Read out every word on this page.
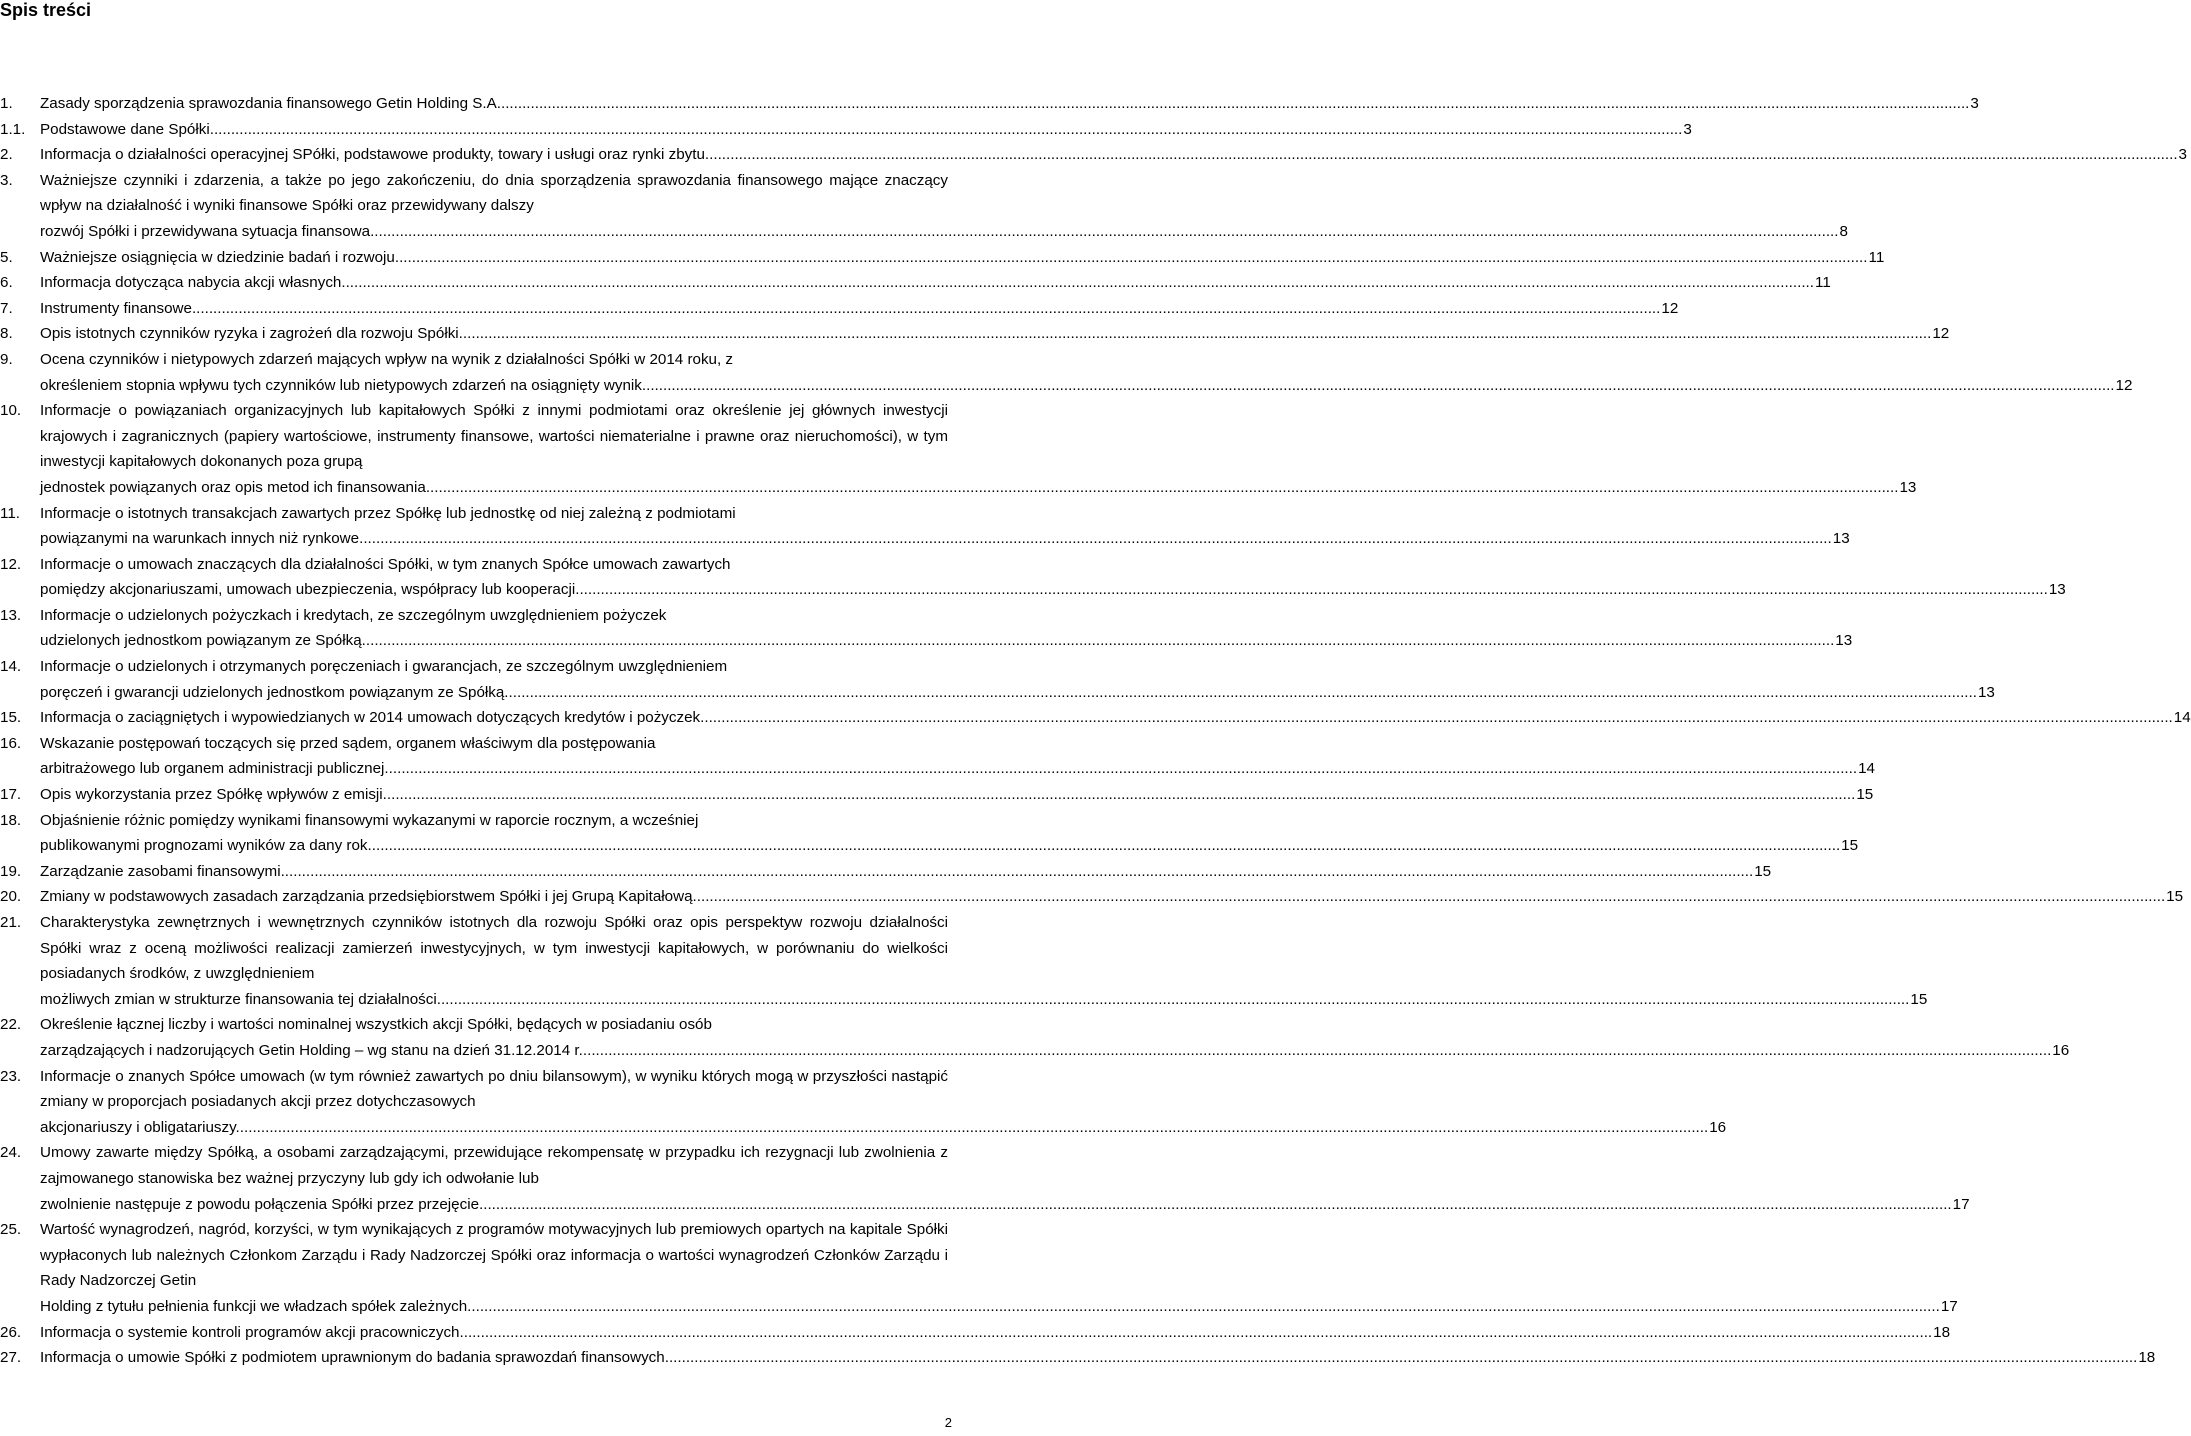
Spis treści
1. Zasady sporządzenia sprawozdania finansowego Getin Holding S.A. .....	3
1.1. Podstawowe dane Spółki. .....	3
2. Informacja o działalności operacyjnej SPółki, podstawowe produkty, towary i usługi oraz rynki zbytu. .....	3
3. Ważniejsze czynniki i zdarzenia, a także po jego zakończeniu, do dnia sporządzenia sprawozdania finansowego mające znaczący wpływ na działalność i wyniki finansowe Spółki oraz przewidywany dalszy
rozwój Spółki i przewidywana sytuacja finansowa .....	8
5. Ważniejsze osiągnięcia w dziedzinie badań i rozwoju. .....	11
6. Informacja dotycząca nabycia akcji własnych. .....	11
7. Instrumenty finansowe .....	12
8. Opis istotnych czynników ryzyka i zagrożeń dla rozwoju Spółki. .....	12
9. Ocena czynników i nietypowych zdarzeń mających wpływ na wynik z działalności Spółki w 2014 roku, z
określeniem stopnia wpływu tych czynników lub nietypowych zdarzeń na osiągnięty wynik. .....	12
10. Informacje o powiązaniach organizacyjnych lub kapitałowych Spółki z innymi podmiotami oraz określenie jej głównych inwestycji krajowych i zagranicznych (papiery wartościowe, instrumenty finansowe, wartości niematerialne i prawne oraz nieruchomości), w tym inwestycji kapitałowych dokonanych poza grupą
jednostek powiązanych oraz opis metod ich finansowania. .....	13
11. Informacje o istotnych transakcjach zawartych przez Spółkę lub jednostkę od niej zależną z podmiotami
powiązanymi na warunkach innych niż rynkowe. .....	13
12. Informacje o umowach znaczących dla działalności Spółki, w tym znanych Spółce umowach zawartych
pomiędzy akcjonariuszami, umowach ubezpieczenia, współpracy lub kooperacji. .....	13
13. Informacje o udzielonych pożyczkach i kredytach, ze szczególnym uwzględnieniem pożyczek
udzielonych jednostkom powiązanym ze Spółką. .....	13
14. Informacje o udzielonych i otrzymanych poręczeniach i gwarancjach, ze szczególnym uwzględnieniem
poręczeń i gwarancji udzielonych jednostkom powiązanym ze Spółką. .....	13
15. Informacja o zaciągniętych i wypowiedzianych w 2014 umowach dotyczących kredytów i pożyczek. .....	14
16. Wskazanie postępowań toczących się przed sądem, organem właściwym dla postępowania
arbitrażowego lub organem administracji publicznej. .....	14
17. Opis wykorzystania przez Spółkę wpływów z emisji. .....	15
18. Objaśnienie różnic pomiędzy wynikami finansowymi wykazanymi w raporcie rocznym, a wcześniej
publikowanymi prognozami wyników za dany rok. .....	15
19. Zarządzanie zasobami finansowymi. .....	15
20. Zmiany w podstawowych zasadach zarządzania przedsiębiorstwem Spółki i jej Grupą Kapitałową. .....	15
21. Charakterystyka zewnętrznych i wewnętrznych czynników istotnych dla rozwoju Spółki oraz opis perspektyw rozwoju działalności Spółki wraz z oceną możliwości realizacji zamierzeń inwestycyjnych, w tym inwestycji kapitałowych, w porównaniu do wielkości posiadanych środków, z uwzględnieniem
możliwych zmian w strukturze finansowania tej działalności. .....	15
22. Określenie łącznej liczby i wartości nominalnej wszystkich akcji Spółki, będących w posiadaniu osób
zarządzających i nadzorujących Getin Holding – wg stanu na dzień 31.12.2014 r. .....	16
23. Informacje o znanych Spółce umowach (w tym również zawartych po dniu bilansowym), w wyniku których mogą w przyszłości nastąpić zmiany w proporcjach posiadanych akcji przez dotychczasowych
akcjonariuszy i obligatariuszy. .....	16
24. Umowy zawarte między Spółką, a osobami zarządzającymi, przewidujące rekompensatę w przypadku ich rezygnacji lub zwolnienia z zajmowanego stanowiska bez ważnej przyczyny lub gdy ich odwołanie lub
zwolnienie następuje z powodu połączenia Spółki przez przejęcie. .....	17
25. Wartość wynagrodzeń, nagród, korzyści, w tym wynikających z programów motywacyjnych lub premiowych opartych na kapitale Spółki wypłaconych lub należnych Członkom Zarządu i Rady Nadzorczej Spółki oraz informacja o wartości wynagrodzeń Członków Zarządu i Rady Nadzorczej Getin
Holding z tytułu pełnienia funkcji we władzach spółek zależnych. .....	17
26. Informacja o systemie kontroli programów akcji pracowniczych. .....	18
27. Informacja o umowie Spółki z podmiotem uprawnionym do badania sprawozdań finansowych. .....	18
2
